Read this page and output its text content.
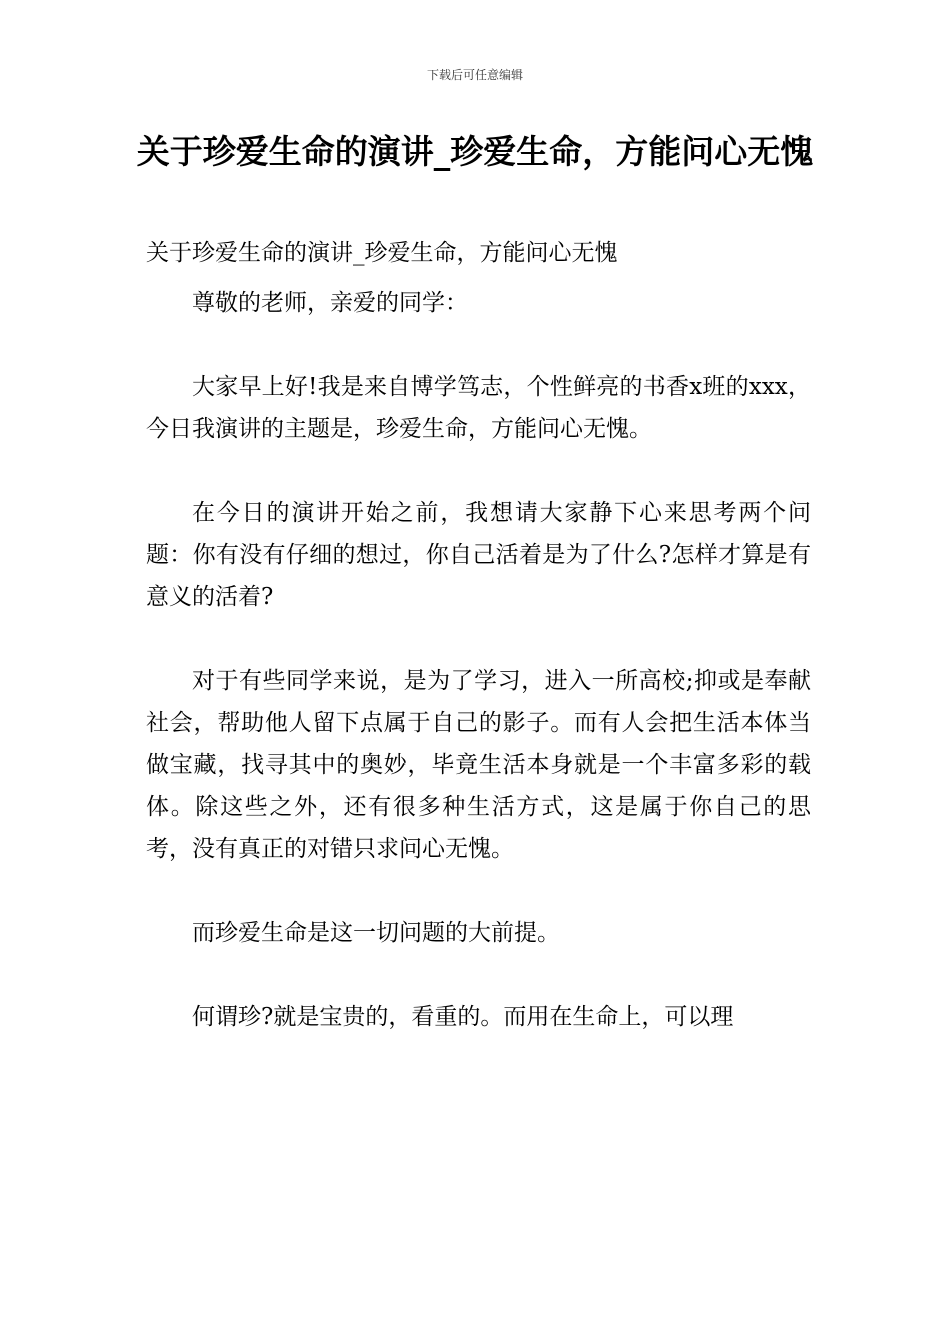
下载后可任意编辑
关于珍爱生命的演讲_珍爱生命，方能问心无愧

关于珍爱生命的演讲_珍爱生命，方能问心无愧

尊敬的老师，亲爱的同学：

大家早上好!我是来自博学笃志，个性鲜亮的书香x班的xxx，今日我演讲的主题是，珍爱生命，方能问心无愧。

在今日的演讲开始之前，我想请大家静下心来思考两个问题：你有没有仔细的想过，你自己活着是为了什么?怎样才算是有意义的活着?

对于有些同学来说，是为了学习，进入一所高校;抑或是奉献社会，帮助他人留下点属于自己的影子。而有人会把生活本体当做宝藏，找寻其中的奥妙，毕竟生活本身就是一个丰富多彩的载体。除这些之外，还有很多种生活方式，这是属于你自己的思考，没有真正的对错只求问心无愧。

而珍爱生命是这一切问题的大前提。

何谓珍?就是宝贵的，看重的。而用在生命上，可以理
